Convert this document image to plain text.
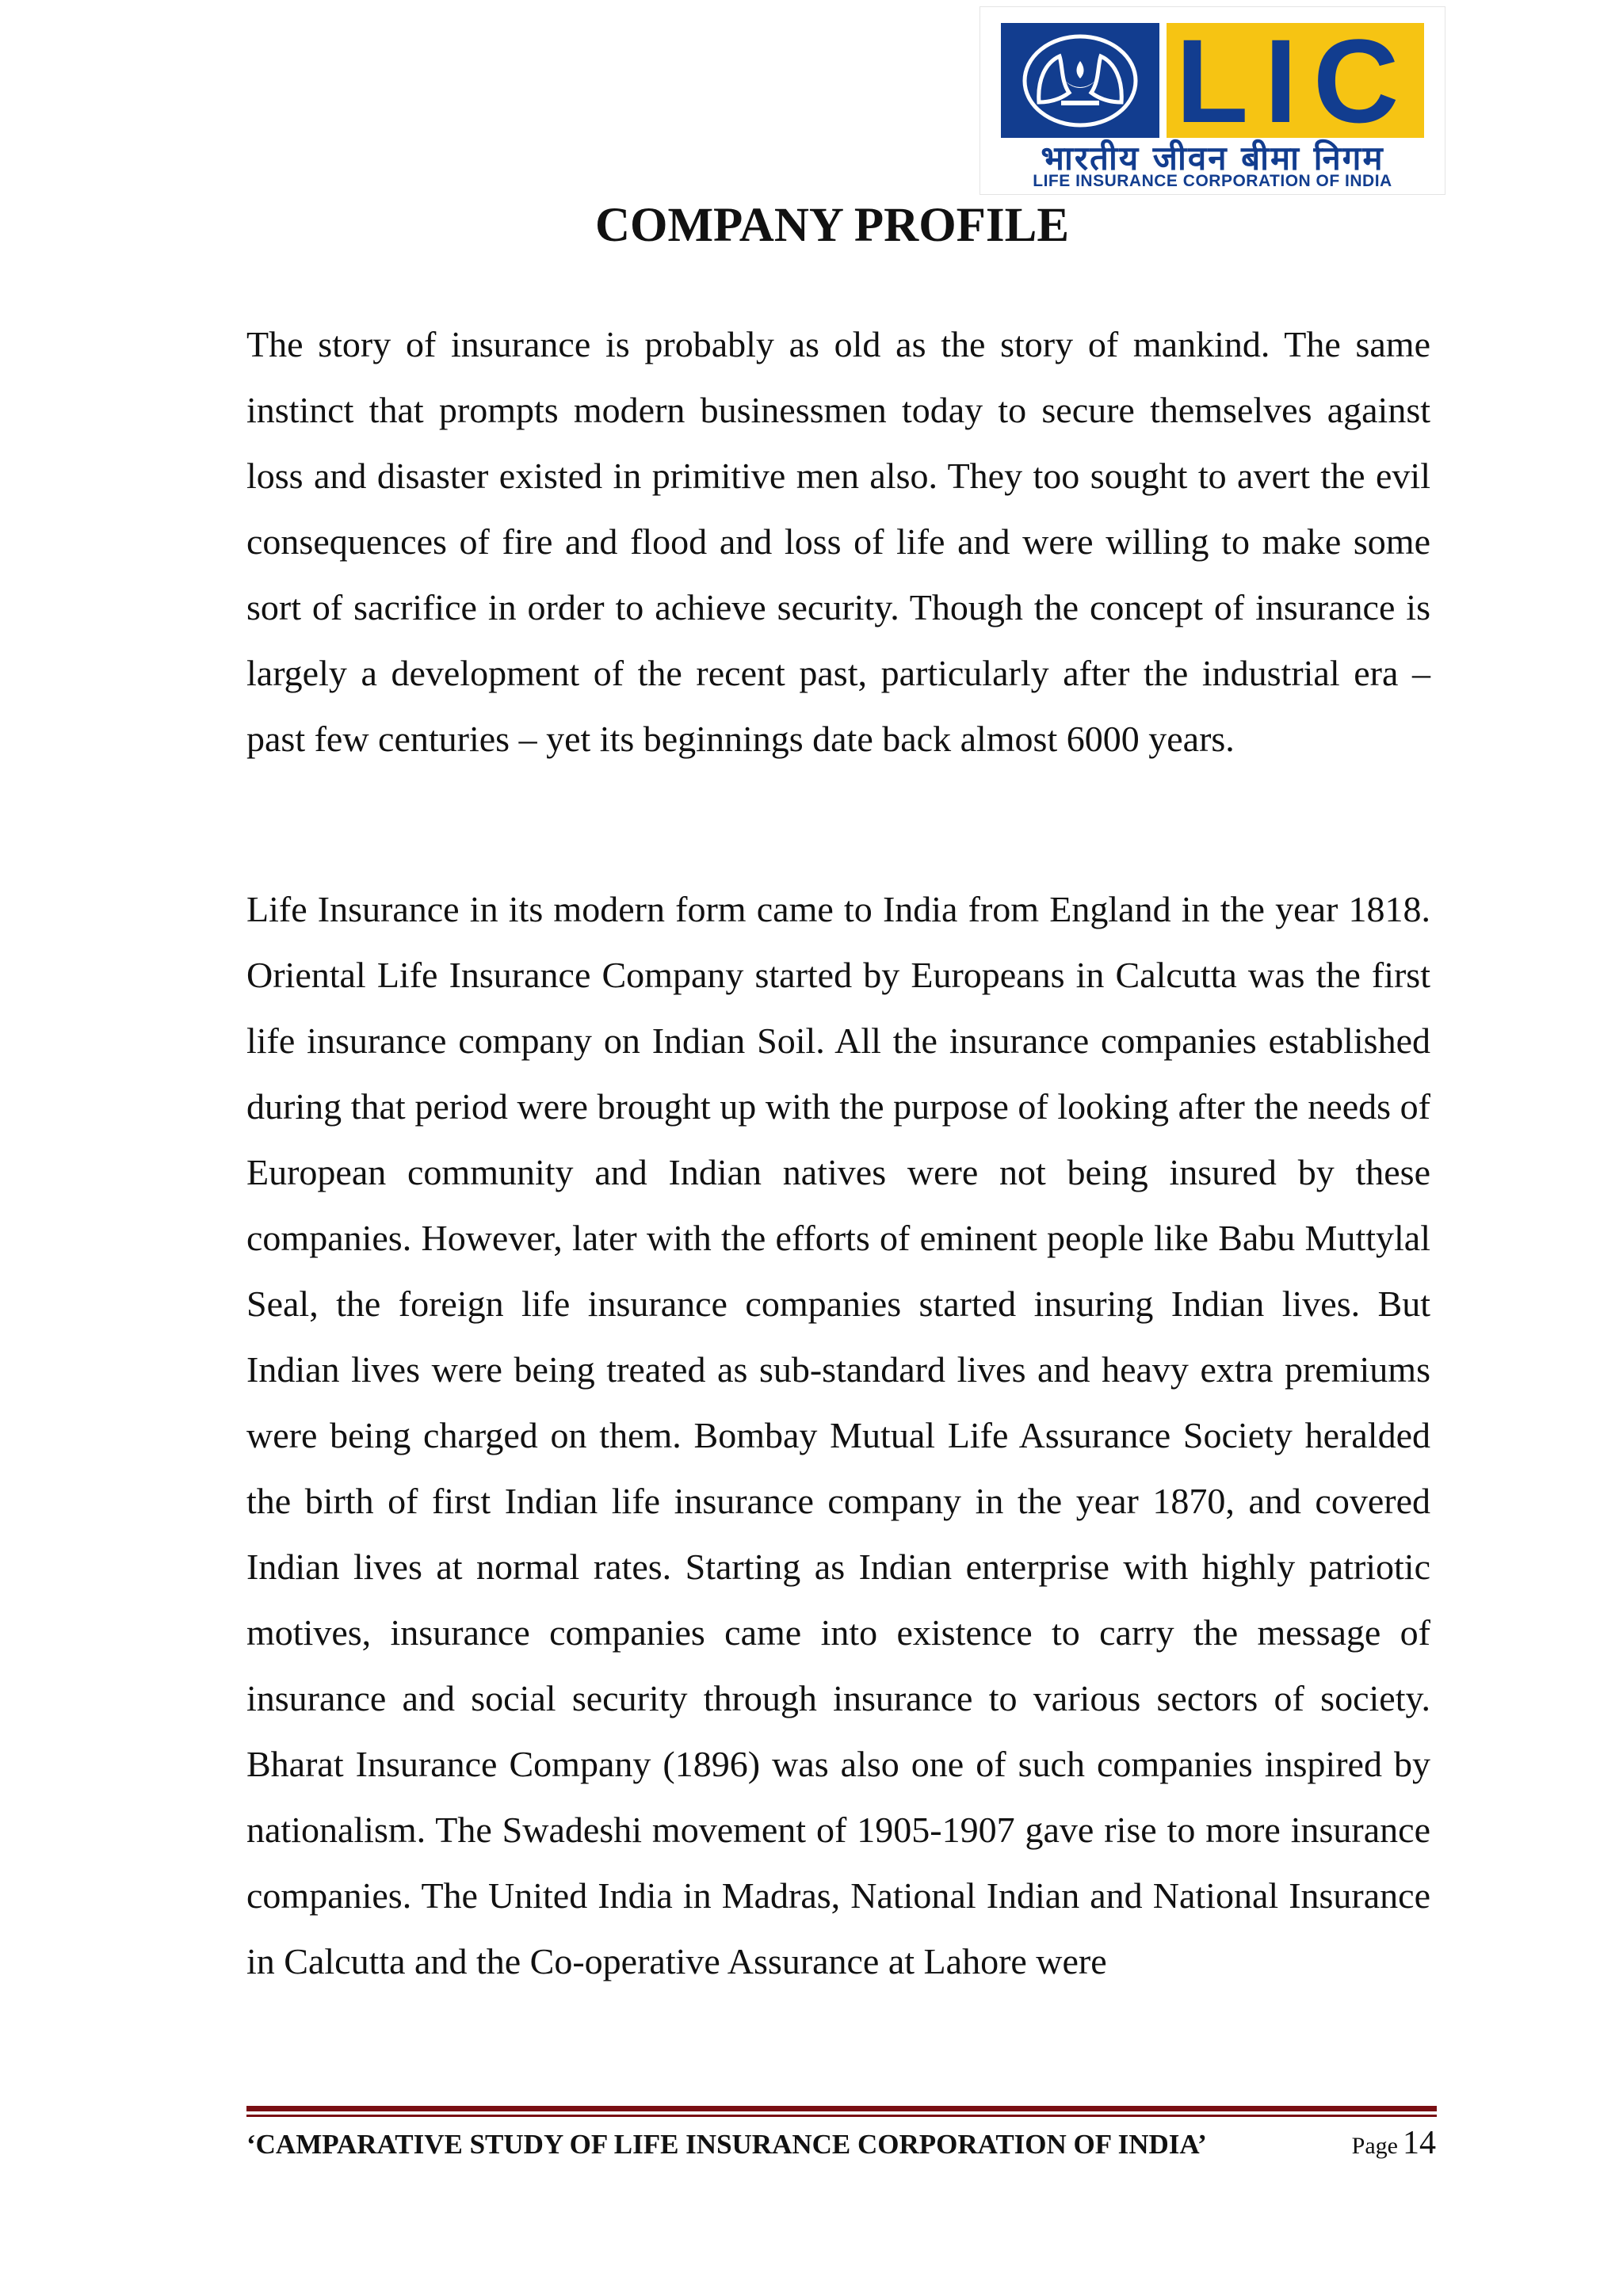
LIC
भारतीय जीवन बीमा निगम
LIFE INSURANCE CORPORATION OF INDIA
COMPANY PROFILE

The story of insurance is probably as old as the story of mankind. The same instinct that prompts modern businessmen today to secure themselves against loss and disaster existed in primitive men also. They too sought to avert the evil consequences of fire and flood and loss of life and were willing to make some sort of sacrifice in order to achieve security. Though the concept of insurance is largely a development of the recent past, particularly after the industrial era – past few centuries – yet its beginnings date back almost 6000 years.

Life Insurance in its modern form came to India from England in the year 1818. Oriental Life Insurance Company started by Europeans in Calcutta was the first life insurance company on Indian Soil. All the insurance companies established during that period were brought up with the purpose of looking after the needs of European community and Indian natives were not being insured by these companies. However, later with the efforts of eminent people like Babu Muttylal Seal, the foreign life insurance companies started insuring Indian lives. But Indian lives were being treated as sub-standard lives and heavy extra premiums were being charged on them. Bombay Mutual Life Assurance Society heralded the birth of first Indian life insurance company in the year 1870, and covered Indian lives at normal rates. Starting as Indian enterprise with highly patriotic motives, insurance companies came into existence to carry the message of insurance and social security through insurance to various sectors of society. Bharat Insurance Company (1896) was also one of such companies inspired by nationalism. The Swadeshi movement of 1905-1907 gave rise to more insurance companies. The United India in Madras, National Indian and National Insurance in Calcutta and the Co-operative Assurance at Lahore were

‘CAMPARATIVE STUDY OF LIFE INSURANCE CORPORATION OF INDIA’	Page 14
